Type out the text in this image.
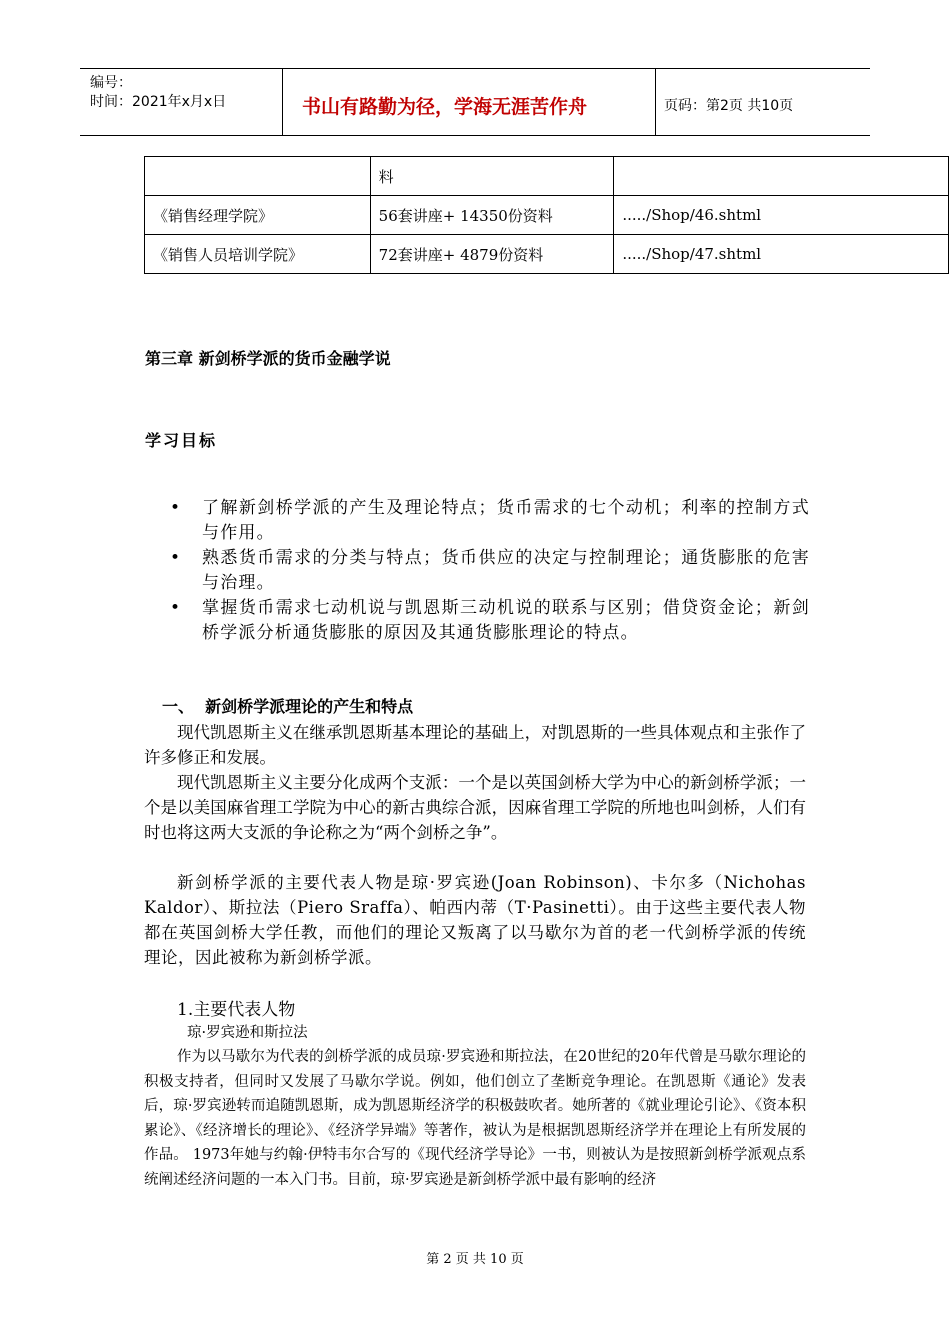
编号：
时间：2021年x月x日	书山有路勤为径，学海无涯苦作舟	页码：第2页 共10页
	料	
《销售经理学院》	56套讲座+ 14350份资料	...../Shop/46.shtml
《销售人员培训学院》	72套讲座+ 4879份资料	...../Shop/47.shtml
第三章 新剑桥学派的货币金融学说
学习目标
• 了解新剑桥学派的产生及理论特点；货币需求的七个动机；利率的控制方式与作用。
• 熟悉货币需求的分类与特点；货币供应的决定与控制理论；通货膨胀的危害与治理。
• 掌握货币需求七动机说与凯恩斯三动机说的联系与区别；借贷资金论；新剑桥学派分析通货膨胀的原因及其通货膨胀理论的特点。
一、  新剑桥学派理论的产生和特点
现代凯恩斯主义在继承凯恩斯基本理论的基础上，对凯恩斯的一些具体观点和主张作了许多修正和发展。
现代凯恩斯主义主要分化成两个支派：一个是以英国剑桥大学为中心的新剑桥学派；一个是以美国麻省理工学院为中心的新古典综合派，因麻省理工学院的所地也叫剑桥，人们有时也将这两大支派的争论称之为“两个剑桥之争”。
新剑桥学派的主要代表人物是琼·罗宾逊(Joan Robinson)、卡尔多（Nichohas Kaldor）、斯拉法（Piero Sraffa）、帕西内蒂（T·Pasinetti）。由于这些主要代表人物都在英国剑桥大学任教，而他们的理论又叛离了以马歇尔为首的老一代剑桥学派的传统理论，因此被称为新剑桥学派。
1.主要代表人物
琼·罗宾逊和斯拉法
作为以马歇尔为代表的剑桥学派的成员琼·罗宾逊和斯拉法，在20世纪的20年代曾是马歇尔理论的积极支持者，但同时又发展了马歇尔学说。例如，他们创立了垄断竞争理论。在凯恩斯《通论》发表后，琼·罗宾逊转而追随凯恩斯，成为凯恩斯经济学的积极鼓吹者。她所著的《就业理论引论》、《资本积累论》、《经济增长的理论》、《经济学异端》等著作，被认为是根据凯恩斯经济学并在理论上有所发展的作品。 1973年她与约翰·伊特韦尔合写的《现代经济学导论》一书，则被认为是按照新剑桥学派观点系统阐述经济问题的一本入门书。目前，琼·罗宾逊是新剑桥学派中最有影响的经济
第 2 页 共 10 页
